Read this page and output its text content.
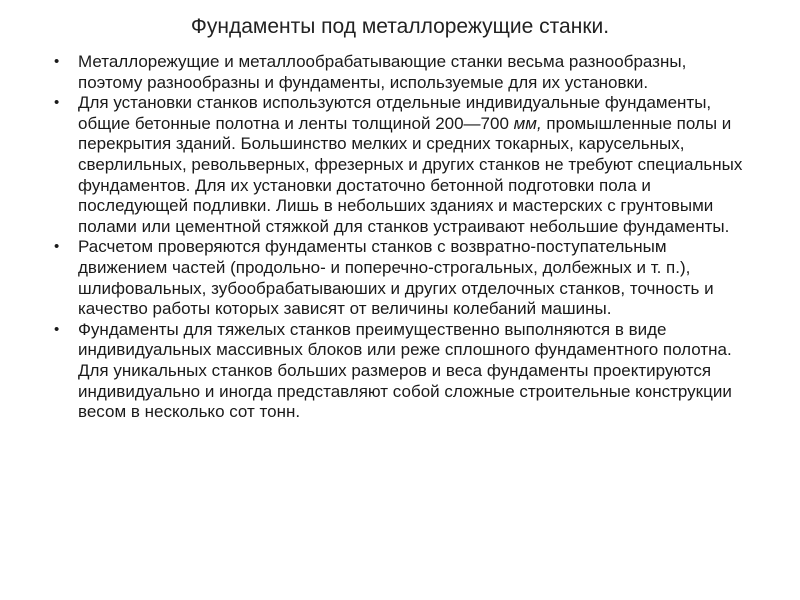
Фундаменты под металлорежущие станки.
• Металлорежущие и металлообрабатывающие станки весьма разнообразны, поэтому разнообразны и фундаменты, используемые для их установки.
• Для установки станков используются отдельные индивидуальные фундаменты, общие бетонные полотна и ленты толщиной 200—700 мм, промышленные полы и перекрытия зданий. Большинство мелких и средних токарных, карусельных, сверлильных, револьверных, фрезерных и других станков не требуют специальных фундаментов. Для их установки достаточно бетонной подготовки пола и последующей подливки. Лишь в небольших зданиях и мастерских с грунтовыми полами или цементной стяжкой для станков устраивают небольшие фундаменты.
• Расчетом проверяются фундаменты станков с возвратно-поступательным движением частей (продольно- и поперечно-строгальных, долбежных и т. п.), шлифовальных, зубообрабатываюших и других отделочных станков, точность и качество работы которых зависят от величины колебаний машины.
• Фундаменты для тяжелых станков преимущественно выполняются в виде индивидуальных массивных блоков или реже сплошного фундаментного полотна. Для уникальных станков больших размеров и веса фундаменты проектируются индивидуально и иногда представляют собой сложные строительные конструкции весом в несколько сот тонн.
